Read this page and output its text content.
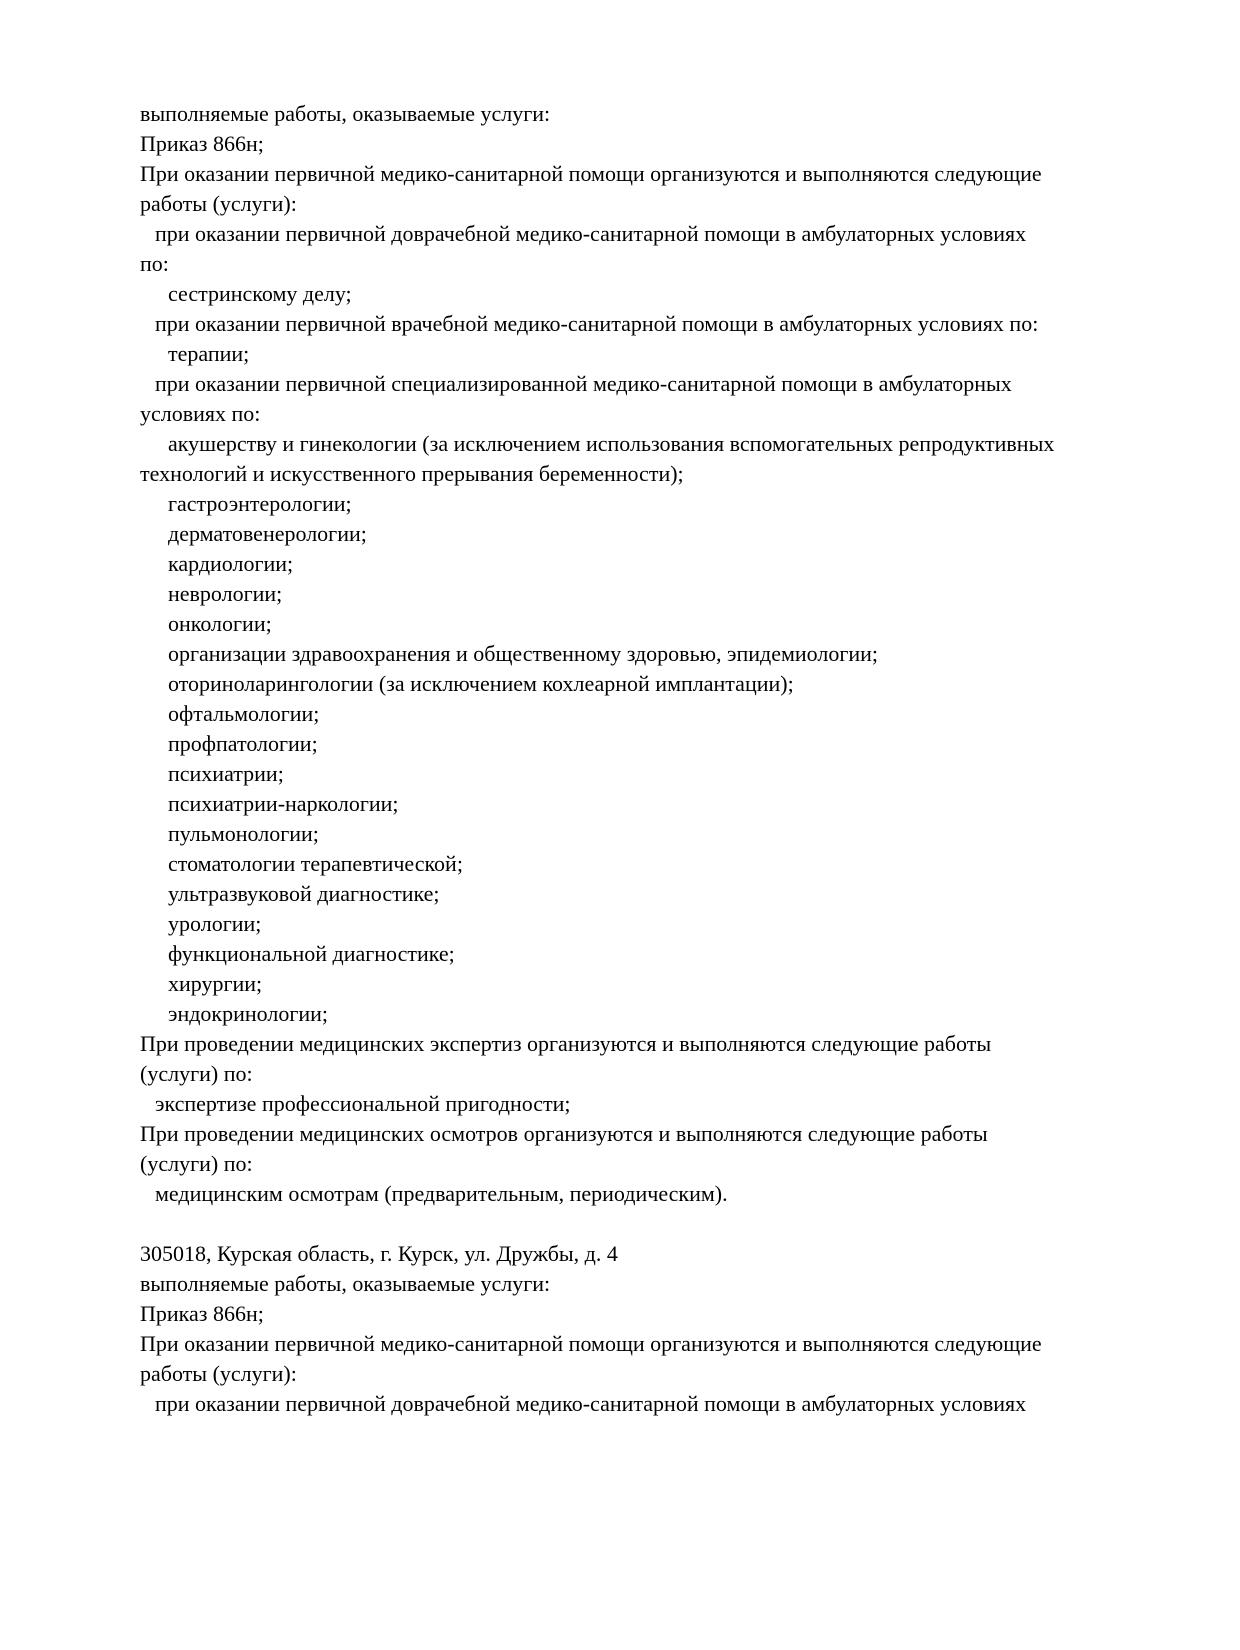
выполняемые работы, оказываемые услуги:
Приказ 866н;
При оказании первичной медико-санитарной помощи организуются и выполняются следующие
работы (услуги):
при оказании первичной доврачебной медико-санитарной помощи в амбулаторных условиях
по:
сестринскому делу;
при оказании первичной врачебной медико-санитарной помощи в амбулаторных условиях по:
терапии;
при оказании первичной специализированной медико-санитарной помощи в амбулаторных
условиях по:
акушерству и гинекологии (за исключением использования вспомогательных репродуктивных
технологий и искусственного прерывания беременности);
гастроэнтерологии;
дерматовенерологии;
кардиологии;
неврологии;
онкологии;
организации здравоохранения и общественному здоровью, эпидемиологии;
оториноларингологии (за исключением кохлеарной имплантации);
офтальмологии;
профпатологии;
психиатрии;
психиатрии-наркологии;
пульмонологии;
стоматологии терапевтической;
ультразвуковой диагностике;
урологии;
функциональной диагностике;
хирургии;
эндокринологии;
При проведении медицинских экспертиз организуются и выполняются следующие работы
(услуги) по:
экспертизе профессиональной пригодности;
При проведении медицинских осмотров организуются и выполняются следующие работы
(услуги) по:
медицинским осмотрам (предварительным, периодическим).
305018, Курская область, г. Курск, ул. Дружбы, д. 4
выполняемые работы, оказываемые услуги:
Приказ 866н;
При оказании первичной медико-санитарной помощи организуются и выполняются следующие
работы (услуги):
при оказании первичной доврачебной медико-санитарной помощи в амбулаторных условиях
